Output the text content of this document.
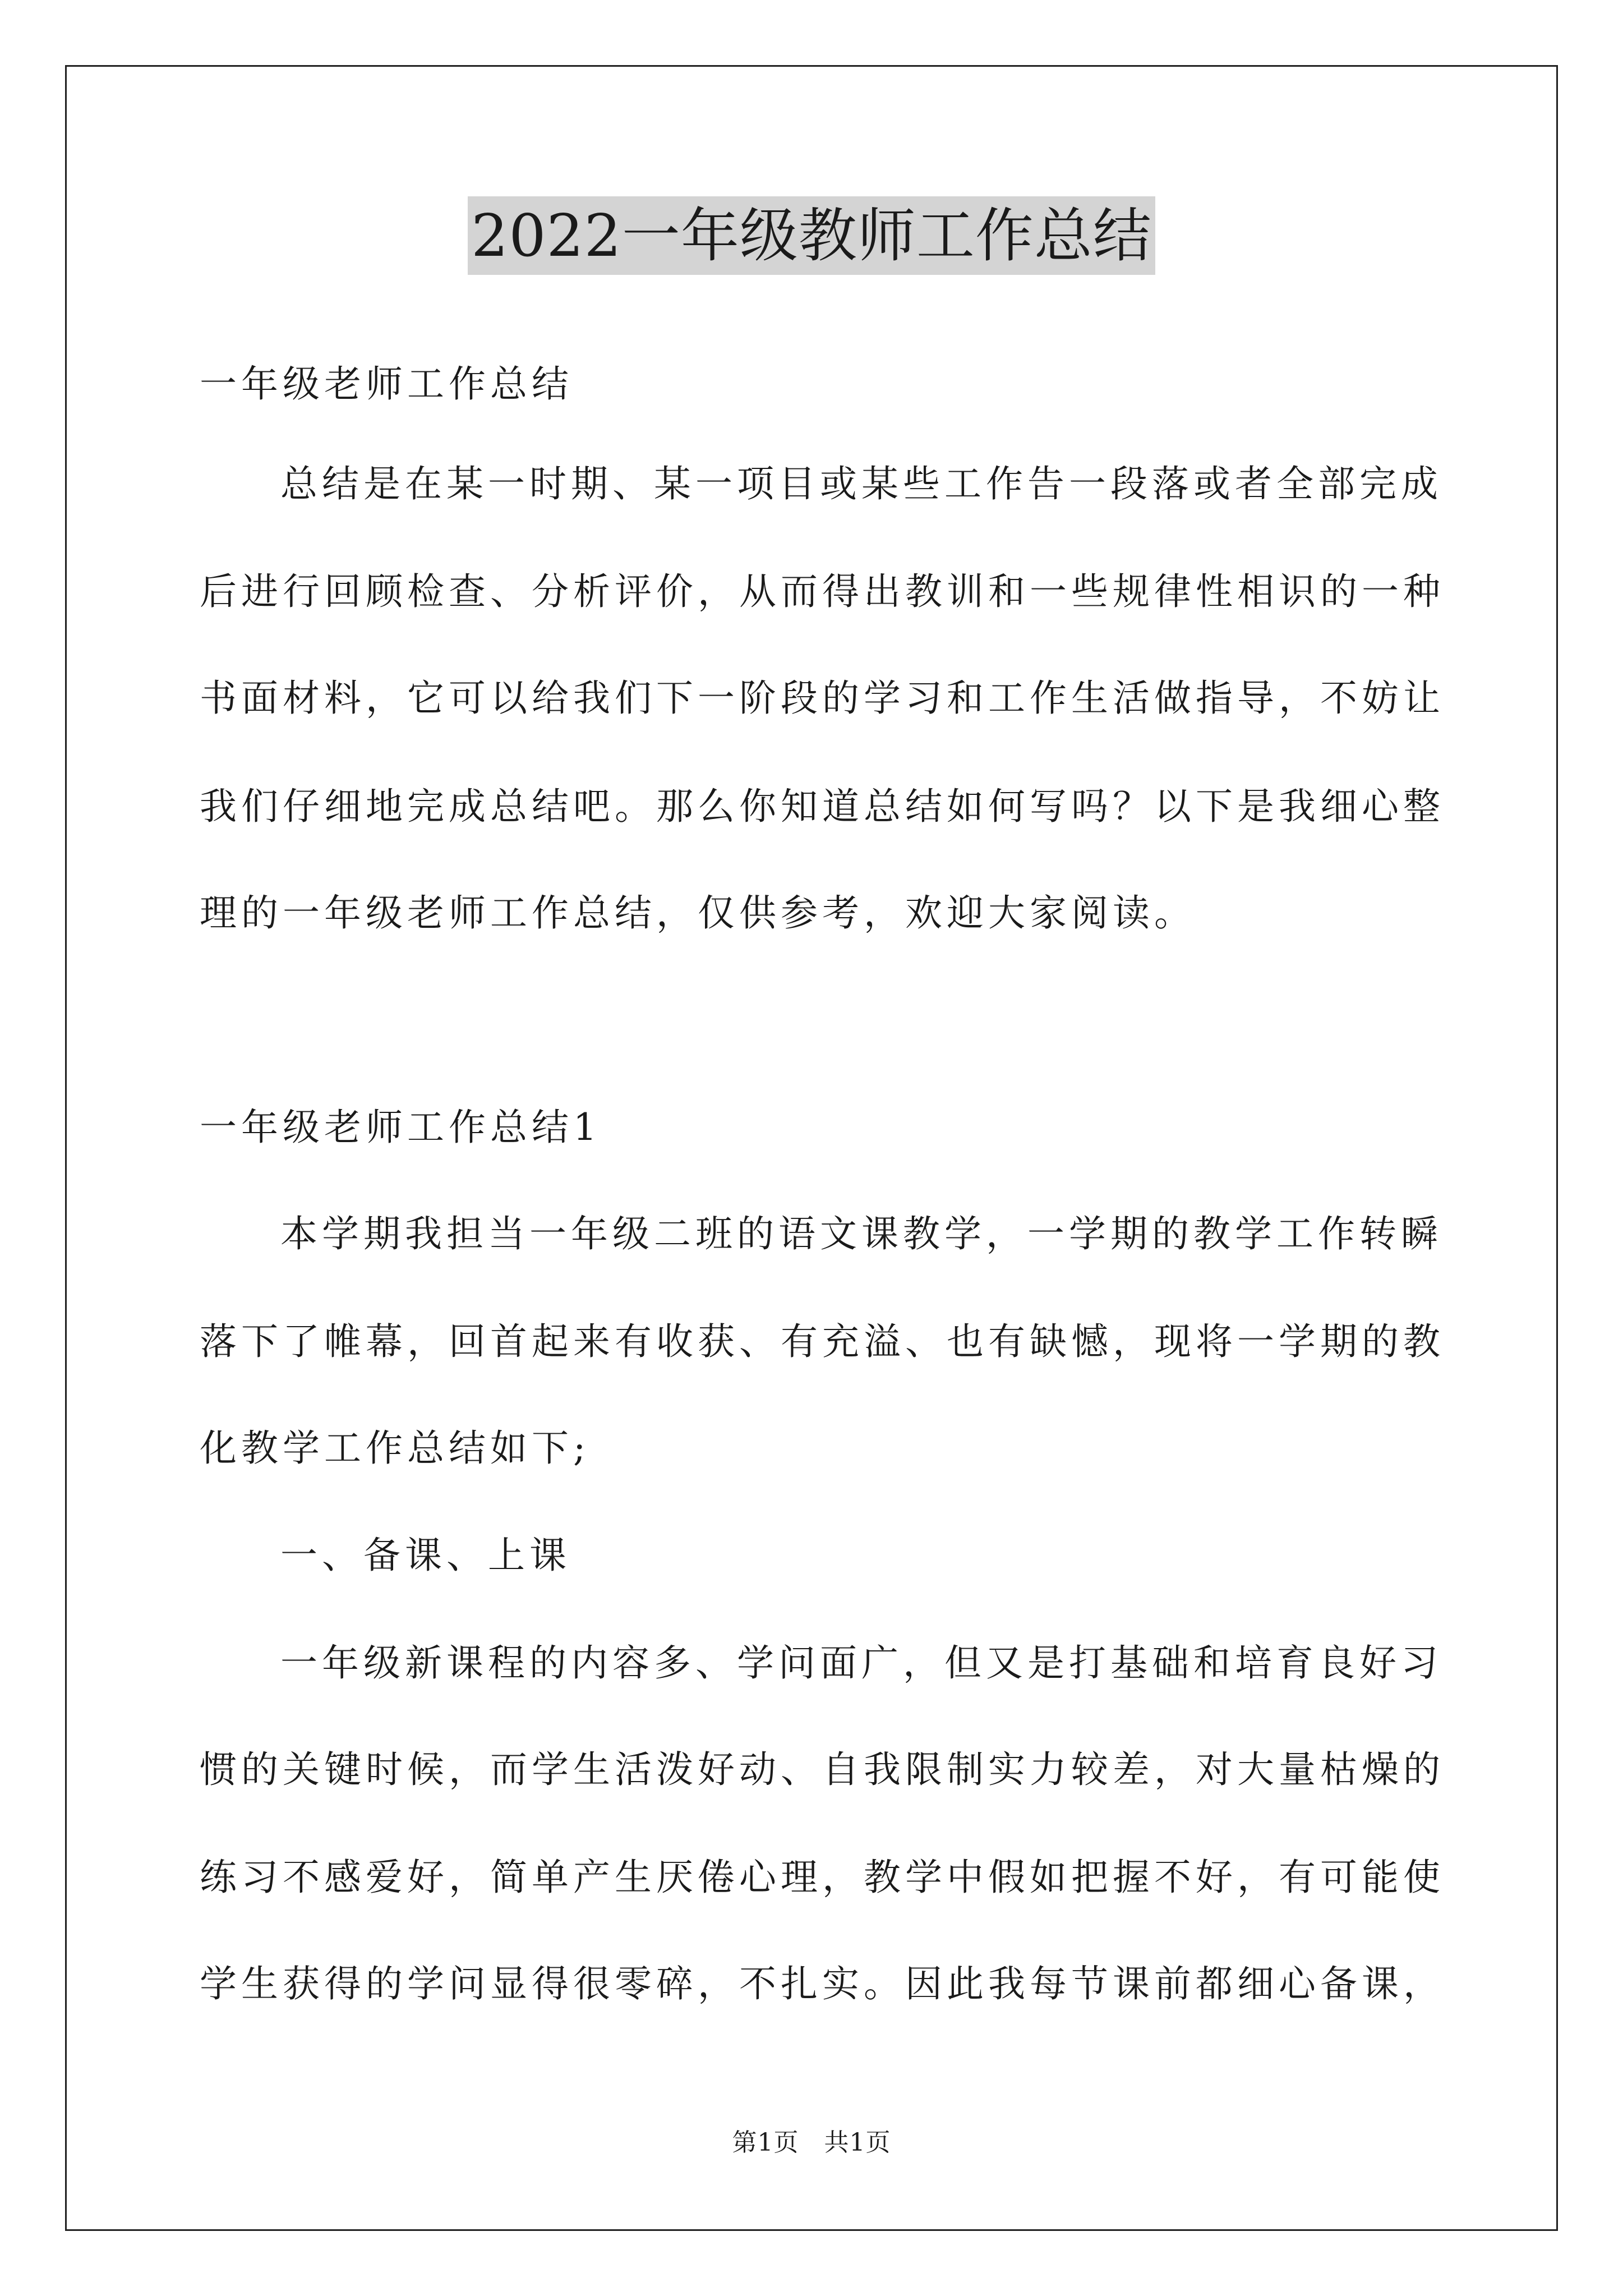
2022一年级教师工作总结
一年级老师工作总结
总结是在某一时期、某一项目或某些工作告一段落或者全部完成
后进行回顾检查、分析评价，从而得出教训和一些规律性相识的一种
书面材料，它可以给我们下一阶段的学习和工作生活做指导，不妨让
我们仔细地完成总结吧。那么你知道总结如何写吗？以下是我细心整
理的一年级老师工作总结，仅供参考，欢迎大家阅读。
一年级老师工作总结1
本学期我担当一年级二班的语文课教学，一学期的教学工作转瞬
落下了帷幕，回首起来有收获、有充溢、也有缺憾，现将一学期的教
化教学工作总结如下;
一、备课、上课
一年级新课程的内容多、学问面广，但又是打基础和培育良好习
惯的关键时候，而学生活泼好动、自我限制实力较差，对大量枯燥的
练习不感爱好，简单产生厌倦心理，教学中假如把握不好，有可能使
学生获得的学问显得很零碎，不扎实。因此我每节课前都细心备课，
第1页   共1页
